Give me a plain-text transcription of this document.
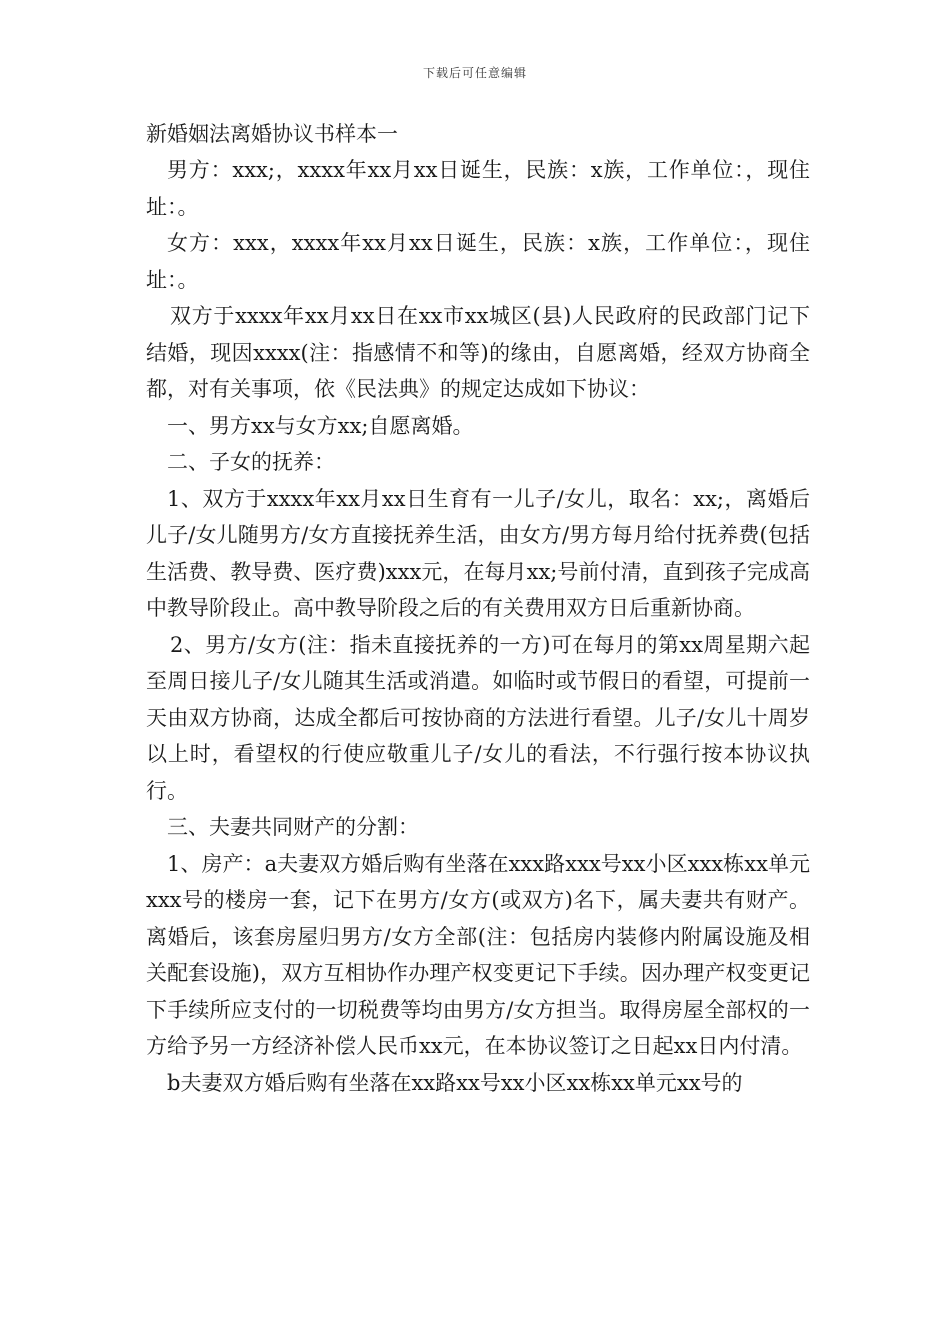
下载后可任意编辑

新婚姻法离婚协议书样本一

男方：xxx;，xxxx年xx月xx日诞生，民族：x族，工作单位：，现住址：。

女方：xxx，xxxx年xx月xx日诞生，民族：x族，工作单位：，现住址：。

双方于xxxx年xx月xx日在xx市xx城区(县)人民政府的民政部门记下结婚，现因xxxx(注：指感情不和等)的缘由，自愿离婚，经双方协商全都，对有关事项，依《民法典》的规定达成如下协议：

一、男方xx与女方xx;自愿离婚。

二、子女的抚养：

1、双方于xxxx年xx月xx日生育有一儿子/女儿，取名：xx;，离婚后儿子/女儿随男方/女方直接抚养生活，由女方/男方每月给付抚养费(包括生活费、教导费、医疗费)xxx元，在每月xx;号前付清，直到孩子完成高中教导阶段止。高中教导阶段之后的有关费用双方日后重新协商。

2、男方/女方(注：指未直接抚养的一方)可在每月的第xx周星期六起至周日接儿子/女儿随其生活或消遣。如临时或节假日的看望，可提前一天由双方协商，达成全都后可按协商的方法进行看望。儿子/女儿十周岁以上时，看望权的行使应敬重儿子/女儿的看法，不行强行按本协议执行。

三、夫妻共同财产的分割：

1、房产：a夫妻双方婚后购有坐落在xxx路xxx号xx小区xxx栋xx单元xxx号的楼房一套，记下在男方/女方(或双方)名下，属夫妻共有财产。离婚后，该套房屋归男方/女方全部(注：包括房内装修内附属设施及相关配套设施)，双方互相协作办理产权变更记下手续。因办理产权变更记下手续所应支付的一切税费等均由男方/女方担当。取得房屋全部权的一方给予另一方经济补偿人民币xx元，在本协议签订之日起xx日内付清。

b夫妻双方婚后购有坐落在xx路xx号xx小区xx栋xx单元xx号的
